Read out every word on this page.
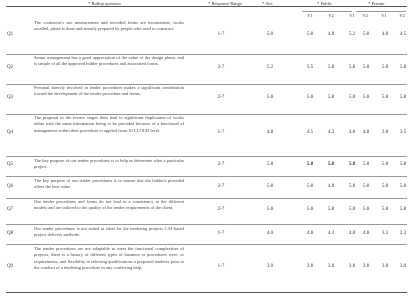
* Bulkip question	* Response Range	* Ave	* Public	* Private
V1	V2	V1	V2	V1	V2
Q1
The contractor's site measurement and recorded forms are inconsistent, works recalled, phase is done and smartly prepared by people who used to construct.
1-7	5.0	5.8	4.8	5.2	5.8	4.8	4.5
Q2
Senior management has a good appreciation of the value of the design phase, and is simple of all the approved bidder procedures and associated forms.
2-7	5.2	5.5	5.8	5.8	5.8	5.8	5.8
Q3
Personal directly involved in tender procedures makes a significant contribution toward the development of the tender procedure and forms.
2-7	5.8	5.8	5.8	5.8	5.8	5.8	5.8
Q4
The proposal in the review stages does lead to significant duplication of works either with the same information being to be provided because of a functional of management within their procedure to applied from 10 CLOUD level.	1-7	4.8	4.5	4.3	4.8	4.8	3.8	3.5
Q5
The key purpose of our tender procedures is to help us determine what a particular project.	2-7	5.8	5.8	5.8	5.8	5.8	5.8	5.8
Q6
The key purpose of our tender procedures is to ensure that the bidder's provided offers the best value.	2-7	5.8	5.8	4.8	5.8	5.8	5.8	5.8
Q7
Our tender procedures and forms do not lead to a consistency in the different models and are tailored to the quality of the tender requirements of the client.	2-7	5.8	5.8	5.8	5.8	5.8	5.8	5.8
Q8
Our tender procedures is not suited or ideal for the tendering projects CAI-based project delivery methods.	1-7	4.0	4.8	4.3	4.8	4.8	3.3	2.3
Q9
The tender procedures are not adaptable to meet the functional complexities of projects, there is a history of different types of business or procedures were, or requirements, and flexibility in selecting qualifications a proposed tenderer prior to the conduct of a tendering procedure in any conferring help.	1-7	3.0	3.8	3.8	3.8	3.8	3.8	3.0
